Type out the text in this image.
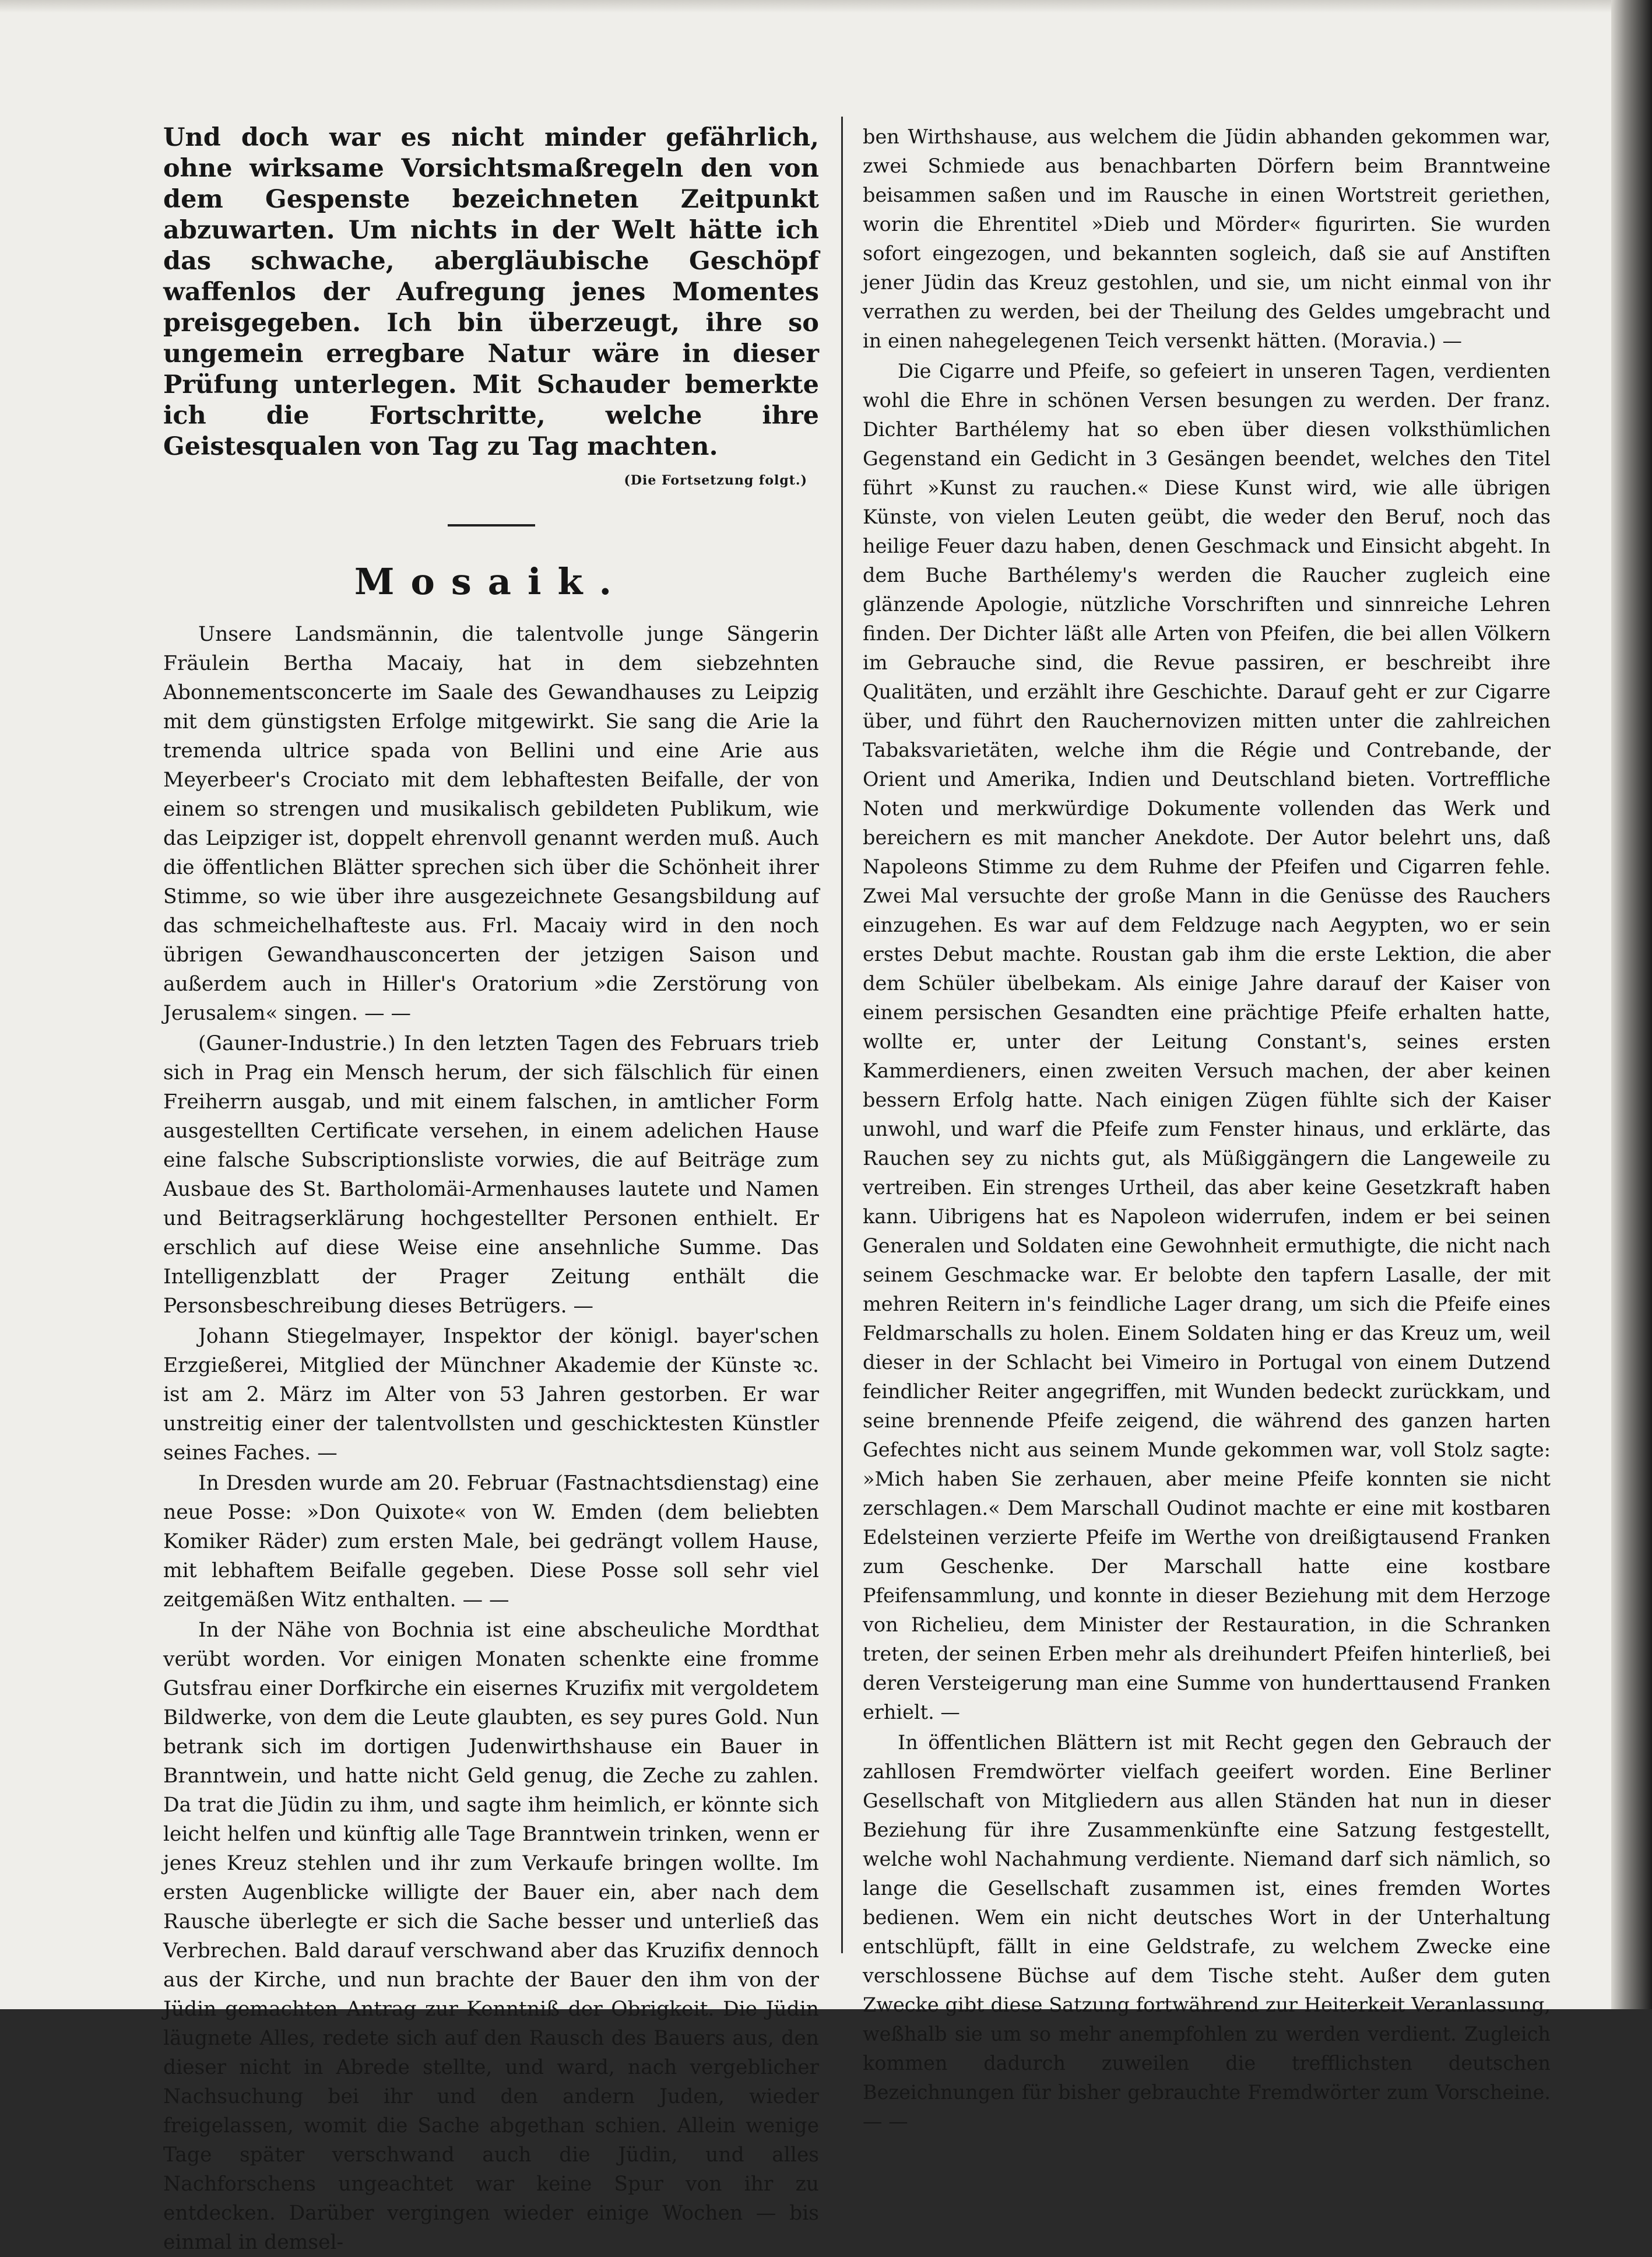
Und doch war es nicht minder gefährlich, ohne wirksame Vorsichtsmaßregeln den von dem Gespenste bezeichneten Zeitpunkt abzuwarten. Um nichts in der Welt hätte ich das schwache, abergläubische Geschöpf waffenlos der Aufregung jenes Momentes preisgegeben. Ich bin überzeugt, ihre so ungemein erregbare Natur wäre in dieser Prüfung unterlegen. Mit Schauder bemerkte ich die Fortschritte, welche ihre Geistesqualen von Tag zu Tag machten.

(Die Fortsetzung folgt.)

Mosaik.

Unsere Landsmännin, die talentvolle junge Sängerin Fräulein Bertha Macaiy, hat in dem siebzehnten Abonnementsconcerte im Saale des Gewandhauses zu Leipzig mit dem günstigsten Erfolge mitgewirkt. Sie sang die Arie la tremenda ultrice spada von Bellini und eine Arie aus Meyerbeer's Crociato mit dem lebhaftesten Beifalle, der von einem so strengen und musikalisch gebildeten Publikum, wie das Leipziger ist, doppelt ehrenvoll genannt werden muß. Auch die öffentlichen Blätter sprechen sich über die Schönheit ihrer Stimme, so wie über ihre ausgezeichnete Gesangsbildung auf das schmeichelhafteste aus. Frl. Macaiy wird in den noch übrigen Gewandhausconcerten der jetzigen Saison und außerdem auch in Hiller's Oratorium »die Zerstörung von Jerusalem« singen. — —

(Gauner-Industrie.) In den letzten Tagen des Februars trieb sich in Prag ein Mensch herum, der sich fälschlich für einen Freiherrn ausgab, und mit einem falschen, in amtlicher Form ausgestellten Certificate versehen, in einem adelichen Hause eine falsche Subscriptionsliste vorwies, die auf Beiträge zum Ausbaue des St. Bartholomäi-Armenhauses lautete und Namen und Beitragserklärung hochgestellter Personen enthielt. Er erschlich auf diese Weise eine ansehnliche Summe. Das Intelligenzblatt der Prager Zeitung enthält die Personsbeschreibung dieses Betrügers. —

Johann Stiegelmayer, Inspektor der königl. bayer'schen Erzgießerei, Mitglied der Münchner Akademie der Künste ꝛc. ist am 2. März im Alter von 53 Jahren gestorben. Er war unstreitig einer der talentvollsten und geschicktesten Künstler seines Faches. —

In Dresden wurde am 20. Februar (Fastnachtsdienstag) eine neue Posse: »Don Quixote« von W. Emden (dem beliebten Komiker Räder) zum ersten Male, bei gedrängt vollem Hause, mit lebhaftem Beifalle gegeben. Diese Posse soll sehr viel zeitgemäßen Witz enthalten. — —

In der Nähe von Bochnia ist eine abscheuliche Mordthat verübt worden. Vor einigen Monaten schenkte eine fromme Gutsfrau einer Dorfkirche ein eisernes Kruzifix mit vergoldetem Bildwerke, von dem die Leute glaubten, es sey pures Gold. Nun betrank sich im dortigen Judenwirthshause ein Bauer in Branntwein, und hatte nicht Geld genug, die Zeche zu zahlen. Da trat die Jüdin zu ihm, und sagte ihm heimlich, er könnte sich leicht helfen und künftig alle Tage Branntwein trinken, wenn er jenes Kreuz stehlen und ihr zum Verkaufe bringen wollte. Im ersten Augenblicke willigte der Bauer ein, aber nach dem Rausche überlegte er sich die Sache besser und unterließ das Verbrechen. Bald darauf verschwand aber das Kruzifix dennoch aus der Kirche, und nun brachte der Bauer den ihm von der Jüdin gemachten Antrag zur Kenntniß der Obrigkeit. Die Jüdin läugnete Alles, redete sich auf den Rausch des Bauers aus, den dieser nicht in Abrede stellte, und ward, nach vergeblicher Nachsuchung bei ihr und den andern Juden, wieder freigelassen, womit die Sache abgethan schien. Allein wenige Tage später verschwand auch die Jüdin, und alles Nachforschens ungeachtet war keine Spur von ihr zu entdecken. Darüber vergingen wieder einige Wochen — bis einmal in demsel-

ben Wirthshause, aus welchem die Jüdin abhanden gekommen war, zwei Schmiede aus benachbarten Dörfern beim Branntweine beisammen saßen und im Rausche in einen Wortstreit geriethen, worin die Ehrentitel »Dieb und Mörder« figurirten. Sie wurden sofort eingezogen, und bekannten sogleich, daß sie auf Anstiften jener Jüdin das Kreuz gestohlen, und sie, um nicht einmal von ihr verrathen zu werden, bei der Theilung des Geldes umgebracht und in einen nahegelegenen Teich versenkt hätten. (Moravia.) —

Die Cigarre und Pfeife, so gefeiert in unseren Tagen, verdienten wohl die Ehre in schönen Versen besungen zu werden. Der franz. Dichter Barthélemy hat so eben über diesen volksthümlichen Gegenstand ein Gedicht in 3 Gesängen beendet, welches den Titel führt »Kunst zu rauchen.« Diese Kunst wird, wie alle übrigen Künste, von vielen Leuten geübt, die weder den Beruf, noch das heilige Feuer dazu haben, denen Geschmack und Einsicht abgeht. In dem Buche Barthélemy's werden die Raucher zugleich eine glänzende Apologie, nützliche Vorschriften und sinnreiche Lehren finden. Der Dichter läßt alle Arten von Pfeifen, die bei allen Völkern im Gebrauche sind, die Revue passiren, er beschreibt ihre Qualitäten, und erzählt ihre Geschichte. Darauf geht er zur Cigarre über, und führt den Rauchernovizen mitten unter die zahlreichen Tabaksvarietäten, welche ihm die Régie und Contrebande, der Orient und Amerika, Indien und Deutschland bieten. Vortreffliche Noten und merkwürdige Dokumente vollenden das Werk und bereichern es mit mancher Anekdote. Der Autor belehrt uns, daß Napoleons Stimme zu dem Ruhme der Pfeifen und Cigarren fehle. Zwei Mal versuchte der große Mann in die Genüsse des Rauchers einzugehen. Es war auf dem Feldzuge nach Aegypten, wo er sein erstes Debut machte. Roustan gab ihm die erste Lektion, die aber dem Schüler übelbekam. Als einige Jahre darauf der Kaiser von einem persischen Gesandten eine prächtige Pfeife erhalten hatte, wollte er, unter der Leitung Constant's, seines ersten Kammerdieners, einen zweiten Versuch machen, der aber keinen bessern Erfolg hatte. Nach einigen Zügen fühlte sich der Kaiser unwohl, und warf die Pfeife zum Fenster hinaus, und erklärte, das Rauchen sey zu nichts gut, als Müßiggängern die Langeweile zu vertreiben. Ein strenges Urtheil, das aber keine Gesetzkraft haben kann. Uibrigens hat es Napoleon widerrufen, indem er bei seinen Generalen und Soldaten eine Gewohnheit ermuthigte, die nicht nach seinem Geschmacke war. Er belobte den tapfern Lasalle, der mit mehren Reitern in's feindliche Lager drang, um sich die Pfeife eines Feldmarschalls zu holen. Einem Soldaten hing er das Kreuz um, weil dieser in der Schlacht bei Vimeiro in Portugal von einem Dutzend feindlicher Reiter angegriffen, mit Wunden bedeckt zurückkam, und seine brennende Pfeife zeigend, die während des ganzen harten Gefechtes nicht aus seinem Munde gekommen war, voll Stolz sagte: »Mich haben Sie zerhauen, aber meine Pfeife konnten sie nicht zerschlagen.« Dem Marschall Oudinot machte er eine mit kostbaren Edelsteinen verzierte Pfeife im Werthe von dreißigtausend Franken zum Geschenke. Der Marschall hatte eine kostbare Pfeifensammlung, und konnte in dieser Beziehung mit dem Herzoge von Richelieu, dem Minister der Restauration, in die Schranken treten, der seinen Erben mehr als dreihundert Pfeifen hinterließ, bei deren Versteigerung man eine Summe von hunderttausend Franken erhielt. —

In öffentlichen Blättern ist mit Recht gegen den Gebrauch der zahllosen Fremdwörter vielfach geeifert worden. Eine Berliner Gesellschaft von Mitgliedern aus allen Ständen hat nun in dieser Beziehung für ihre Zusammenkünfte eine Satzung festgestellt, welche wohl Nachahmung verdiente. Niemand darf sich nämlich, so lange die Gesellschaft zusammen ist, eines fremden Wortes bedienen. Wem ein nicht deutsches Wort in der Unterhaltung entschlüpft, fällt in eine Geldstrafe, zu welchem Zwecke eine verschlossene Büchse auf dem Tische steht. Außer dem guten Zwecke gibt diese Satzung fortwährend zur Heiterkeit Veranlassung, weßhalb sie um so mehr anempfohlen zu werden verdient. Zugleich kommen dadurch zuweilen die trefflichsten deutschen Bezeichnungen für bisher gebrauchte Fremdwörter zum Vorscheine. — —
